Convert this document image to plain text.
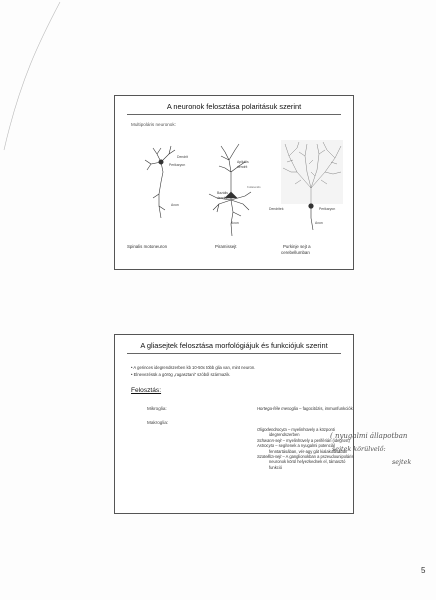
A neuronok felosztása polaritásuk szerint
Multipoláris neuronok:
Dendrit
Perikaryon
Axon
Apikális
dendrit
Bazális
dendrit
Kollaterális
Axon
Dendritek	Perikaryon
Axon
Spinalis motoneuron	Piramissejt	Purkinje sejt a
cerebellumban
A gliasejtek felosztása morfológiájuk és funkciójuk szerint
• A gerinces idegrendszerben kb 10-50x több glia van, mint neuron.
• Elnevezésük a görög „ragasztani” szóból származik.
Felosztás:
Mikroglia:	Hortega-féle mesoglia – fagocitózis, immunfunkciók
Makroglia:
Oligodendrocyta – myelinhüvely a központi
idegrendszerben
Schwann-sejt – myelinhüvely a periférián (idegrost)
Astrocyta – segítenek a nyugalmi potenciál
fenntartásában, vér-agy gát kialakulásában
Szatellita-sejt – A ganglionokban a pszeudounipoláris
neuronok körül helyezkednek el, támasztó funkció
( nyugalmi állapotban
sejtek körülvelő:
sejtek
5
